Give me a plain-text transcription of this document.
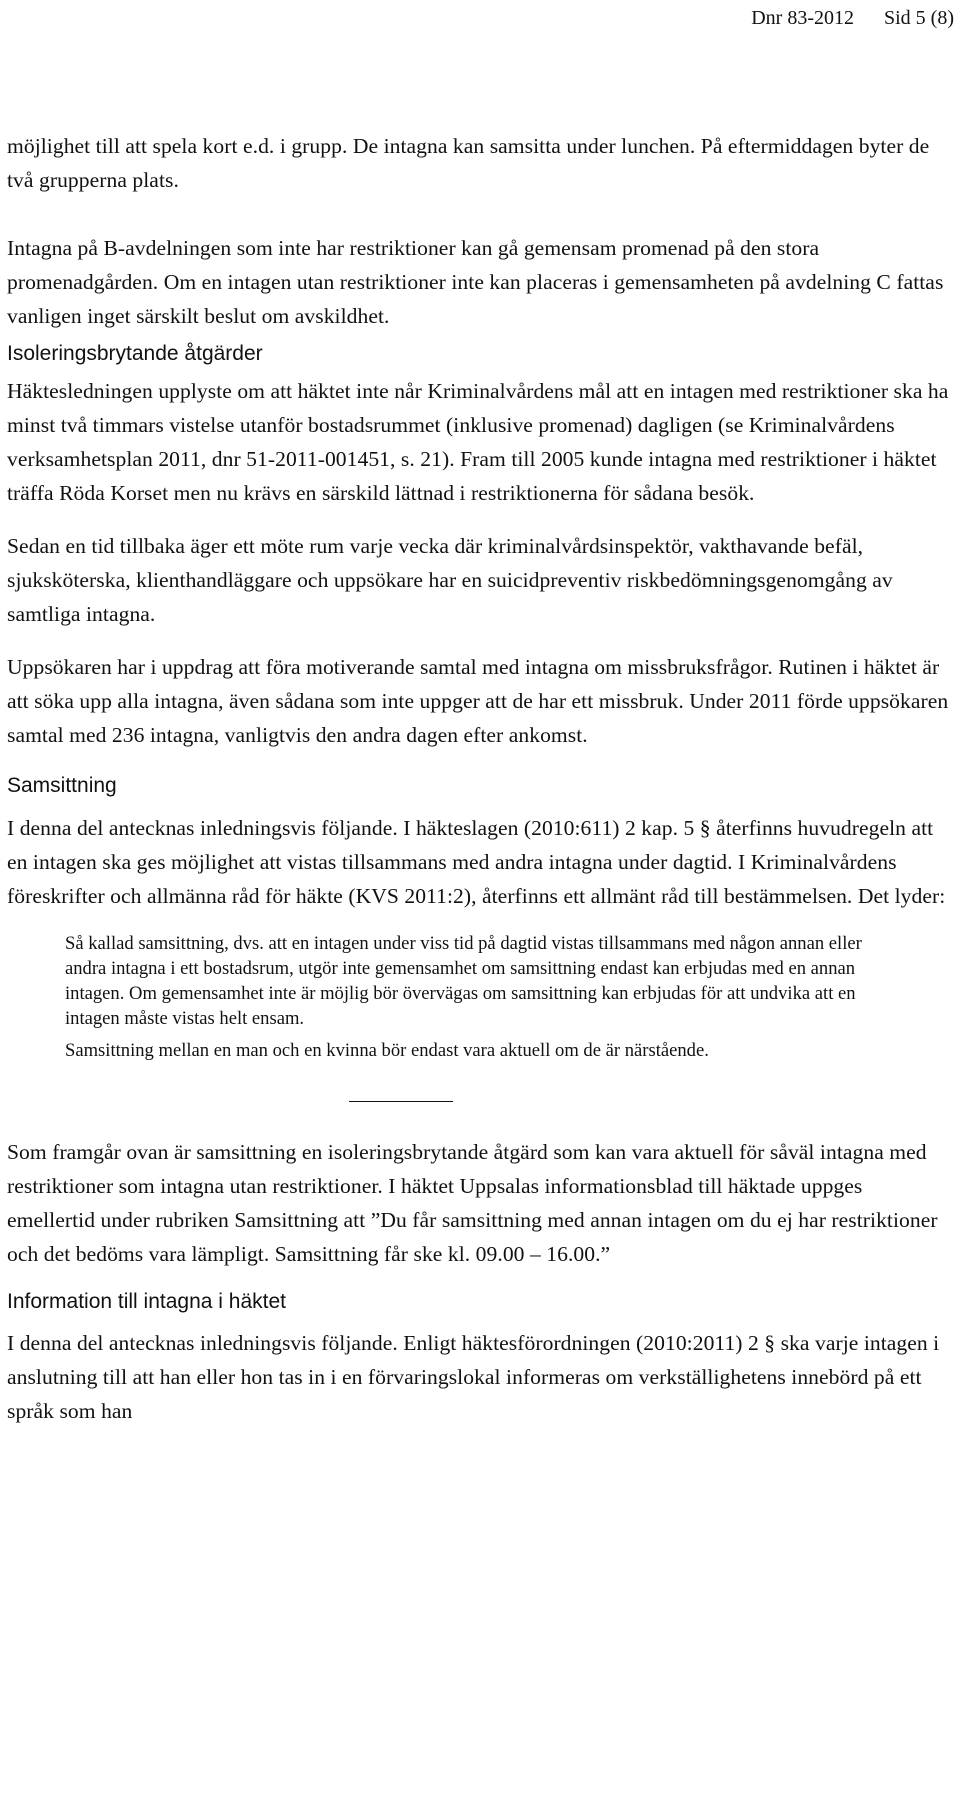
Dnr 83-2012 Sid 5 (8)

möjlighet till att spela kort e.d. i grupp. De intagna kan samsitta under lunchen. På eftermiddagen byter de två grupperna plats.

Intagna på B-avdelningen som inte har restriktioner kan gå gemensam promenad på den stora promenadgården. Om en intagen utan restriktioner inte kan placeras i gemensamheten på avdelning C fattas vanligen inget särskilt beslut om avskildhet.

Isoleringsbrytande åtgärder

Häktesledningen upplyste om att häktet inte når Kriminalvårdens mål att en intagen med restriktioner ska ha minst två timmars vistelse utanför bostadsrummet (inklusive promenad) dagligen (se Kriminalvårdens verksamhetsplan 2011, dnr 51-2011-001451, s. 21). Fram till 2005 kunde intagna med restriktioner i häktet träffa Röda Korset men nu krävs en särskild lättnad i restriktionerna för sådana besök.

Sedan en tid tillbaka äger ett möte rum varje vecka där kriminalvårdsinspektör, vakthavande befäl, sjuksköterska, klienthandläggare och uppsökare har en suicidpreventiv riskbedömningsgenomgång av samtliga intagna.

Uppsökaren har i uppdrag att föra motiverande samtal med intagna om missbruksfrågor. Rutinen i häktet är att söka upp alla intagna, även sådana som inte uppger att de har ett missbruk. Under 2011 förde uppsökaren samtal med 236 intagna, vanligtvis den andra dagen efter ankomst.

Samsittning

I denna del antecknas inledningsvis följande. I häkteslagen (2010:611) 2 kap. 5 § återfinns huvudregeln att en intagen ska ges möjlighet att vistas tillsammans med andra intagna under dagtid. I Kriminalvårdens föreskrifter och allmänna råd för häkte (KVS 2011:2), återfinns ett allmänt råd till bestämmelsen. Det lyder:

Så kallad samsittning, dvs. att en intagen under viss tid på dagtid vistas tillsammans med någon annan eller andra intagna i ett bostadsrum, utgör inte gemensamhet om samsittning endast kan erbjudas med en annan intagen. Om gemensamhet inte är möjlig bör övervägas om samsittning kan erbjudas för att undvika att en intagen måste vistas helt ensam.

Samsittning mellan en man och en kvinna bör endast vara aktuell om de är närstående.

Som framgår ovan är samsittning en isoleringsbrytande åtgärd som kan vara aktuell för såväl intagna med restriktioner som intagna utan restriktioner. I häktet Uppsalas informationsblad till häktade uppges emellertid under rubriken Samsittning att ”Du får samsittning med annan intagen om du ej har restriktioner och det bedöms vara lämpligt. Samsittning får ske kl. 09.00 – 16.00.”

Information till intagna i häktet

I denna del antecknas inledningsvis följande. Enligt häktesförordningen (2010:2011) 2 § ska varje intagen i anslutning till att han eller hon tas in i en förvaringslokal informeras om verkställighetens innebörd på ett språk som han
